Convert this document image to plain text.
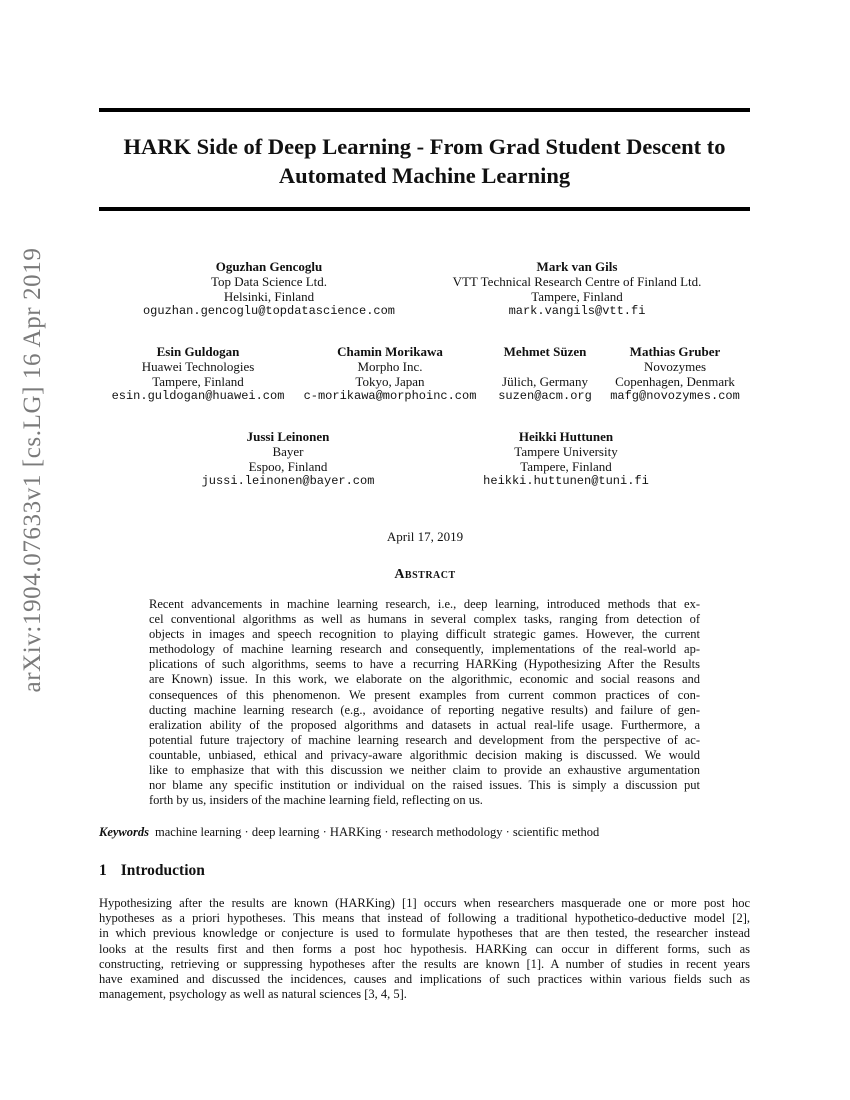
HARK Side of Deep Learning - From Grad Student Descent to
Automated Machine Learning
Oguzhan Gencoglu
Top Data Science Ltd.
Helsinki, Finland
oguzhan.gencoglu@topdatascience.com
Mark van Gils
VTT Technical Research Centre of Finland Ltd.
Tampere, Finland
mark.vangils@vtt.fi
Esin Guldogan
Huawei Technologies
Tampere, Finland
esin.guldogan@huawei.com
Chamin Morikawa
Morpho Inc.
Tokyo, Japan
c-morikawa@morphoinc.com
Mehmet Süzen
Jülich, Germany
suzen@acm.org
Mathias Gruber
Novozymes
Copenhagen, Denmark
mafg@novozymes.com
Jussi Leinonen
Bayer
Espoo, Finland
jussi.leinonen@bayer.com
Heikki Huttunen
Tampere University
Tampere, Finland
heikki.huttunen@tuni.fi
April 17, 2019
Abstract
Recent advancements in machine learning research, i.e., deep learning, introduced methods that ex-
cel conventional algorithms as well as humans in several complex tasks, ranging from detection of
objects in images and speech recognition to playing difficult strategic games. However, the current
methodology of machine learning research and consequently, implementations of the real-world ap-
plications of such algorithms, seems to have a recurring HARKing (Hypothesizing After the Results
are Known) issue. In this work, we elaborate on the algorithmic, economic and social reasons and
consequences of this phenomenon. We present examples from current common practices of con-
ducting machine learning research (e.g., avoidance of reporting negative results) and failure of gen-
eralization ability of the proposed algorithms and datasets in actual real-life usage. Furthermore, a
potential future trajectory of machine learning research and development from the perspective of ac-
countable, unbiased, ethical and privacy-aware algorithmic decision making is discussed. We would
like to emphasize that with this discussion we neither claim to provide an exhaustive argumentation
nor blame any specific institution or individual on the raised issues. This is simply a discussion put
forth by us, insiders of the machine learning field, reflecting on us.
Keywords machine learning · deep learning · HARKing · research methodology · scientific method
1 Introduction
Hypothesizing after the results are known (HARKing) [1] occurs when researchers masquerade one or more post hoc
hypotheses as a priori hypotheses. This means that instead of following a traditional hypothetico-deductive model [2],
in which previous knowledge or conjecture is used to formulate hypotheses that are then tested, the researcher instead
looks at the results first and then forms a post hoc hypothesis. HARKing can occur in different forms, such as
constructing, retrieving or suppressing hypotheses after the results are known [1]. A number of studies in recent years
have examined and discussed the incidences, causes and implications of such practices within various fields such as
management, psychology as well as natural sciences [3, 4, 5].
arXiv:1904.07633v1 [cs.LG] 16 Apr 2019
